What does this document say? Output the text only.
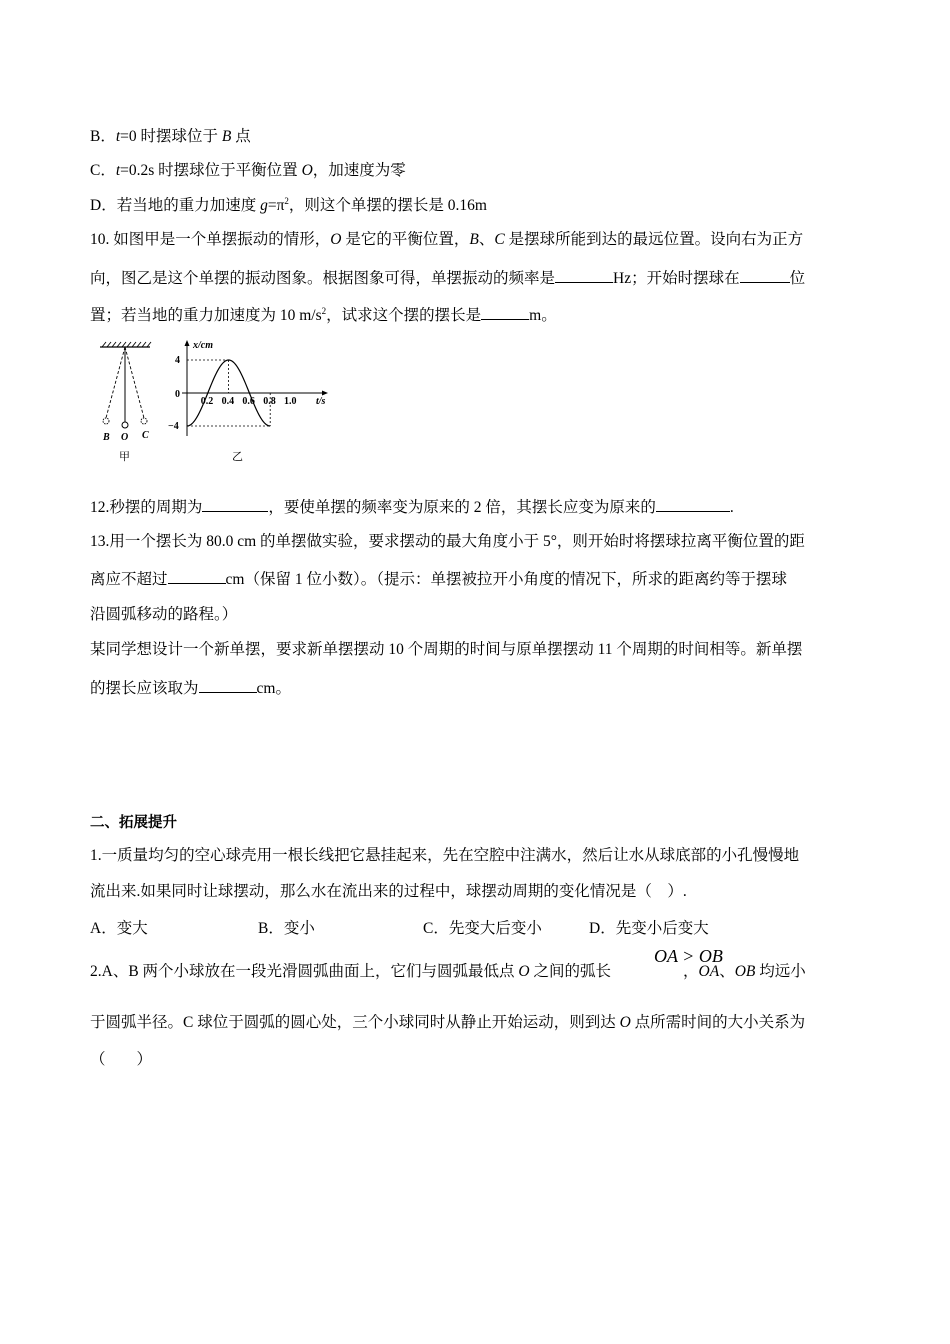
B．t=0 时摆球位于 B 点
C．t=0.2s 时摆球位于平衡位置 O，加速度为零
D．若当地的重力加速度 $g=\pi^2$，则这个单摆的摆长是 0.16m
10. 如图甲是一个单摆振动的情形，O 是它的平衡位置，B、C 是摆球所能到达的最远位置。设向右为正方
向，图乙是这个单摆的振动图象。根据图象可得，单摆振动的频率是	Hz；开始时摆球在	位
置；若当地的重力加速度为 10 $m/s^2$，试求这个摆的摆长是	m。
B O C
甲
x/cm
t/s
4
0
−4
0.2 0.4 0.6 0.8 1.0
乙
12.秒摆的周期为	，要使单摆的频率变为原来的 2 倍，其摆长应变为原来的	.
13.用一个摆长为 80.0 cm 的单摆做实验，要求摆动的最大角度小于 5°，则开始时将摆球拉离平衡位置的距
离应不超过	cm（保留 1 位小数）。（提示：单摆被拉开小角度的情况下，所求的距离约等于摆球
沿圆弧移动的路程。）
某同学想设计一个新单摆，要求新单摆摆动 10 个周期的时间与原单摆摆动 11 个周期的时间相等。新单摆
的摆长应该取为	cm。
二、拓展提升
1.一质量均匀的空心球壳用一根长线把它悬挂起来，先在空腔中注满水，然后让水从球底部的小孔慢慢地
流出来.如果同时让球摆动，那么水在流出来的过程中，球摆动周期的变化情况是（　）.
A．变大	B．变小	C．先变大后变小	D．先变小后变大
2.A、B 两个小球放在一段光滑圆弧曲面上，它们与圆弧最低点 O 之间的弧长	，OA、OB 均远小
OA > OB
于圆弧半径。C 球位于圆弧的圆心处，三个小球同时从静止开始运动，则到达 O 点所需时间的大小关系为
（　　）
